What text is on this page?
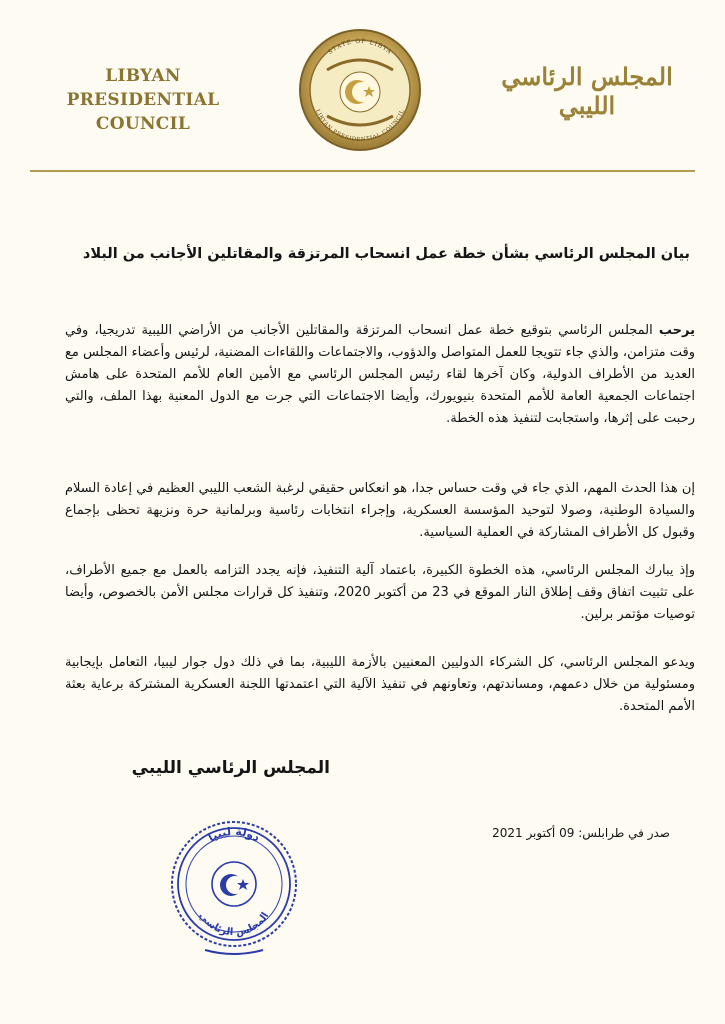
LIBYAN PRESIDENTIAL COUNCIL
STATE OF LIBYA
LIBYAN PRESIDENTIAL COUNCIL
المجلس الرئاسي الليبي
بيان المجلس الرئاسي بشأن خطة عمل انسحاب المرتزقة والمقاتلين الأجانب من البلاد
يرحب المجلس الرئاسي بتوقيع خطة عمل انسحاب المرتزقة والمقاتلين الأجانب من الأراضي الليبية تدريجيا، وفي وقت متزامن، والذي جاء تتويجا للعمل المتواصل والدؤوب، والاجتماعات واللقاءات المضنية، لرئيس وأعضاء المجلس مع العديد من الأطراف الدولية، وكان آخرها لقاء رئيس المجلس الرئاسي مع الأمين العام للأمم المتحدة على هامش اجتماعات الجمعية العامة للأمم المتحدة بنيويورك، وأيضا الاجتماعات التي جرت مع الدول المعنية بهذا الملف، والتي رحبت على إثرها، واستجابت لتنفيذ هذه الخطة.
إن هذا الحدث المهم، الذي جاء في وقت حساس جدا، هو انعكاس حقيقي لرغبة الشعب الليبي العظيم في إعادة السلام والسيادة الوطنية، وصولا لتوحيد المؤسسة العسكرية، وإجراء انتخابات رئاسية وبرلمانية حرة ونزيهة تحظى بإجماع وقبول كل الأطراف المشاركة في العملية السياسية.
وإذ يبارك المجلس الرئاسي، هذه الخطوة الكبيرة، باعتماد آلية التنفيذ، فإنه يجدد التزامه بالعمل مع جميع الأطراف، على تثبيت اتفاق وقف إطلاق النار الموقع في 23 من أكتوبر 2020، وتنفيذ كل قرارات مجلس الأمن بالخصوص، وأيضا توصيات مؤتمر برلين.
ويدعو المجلس الرئاسي، كل الشركاء الدوليين المعنيين بالأزمة الليبية، بما في ذلك دول جوار ليبيا، التعامل بإيجابية ومسئولية من خلال دعمهم، ومساندتهم، وتعاونهم في تنفيذ الآلية التي اعتمدتها اللجنة العسكرية المشتركة برعاية بعثة الأمم المتحدة.
المجلس الرئاسي الليبي
صدر في طرابلس: 09 أكتوبر 2021
دولة ليبيا
المجلس الرئاسي
